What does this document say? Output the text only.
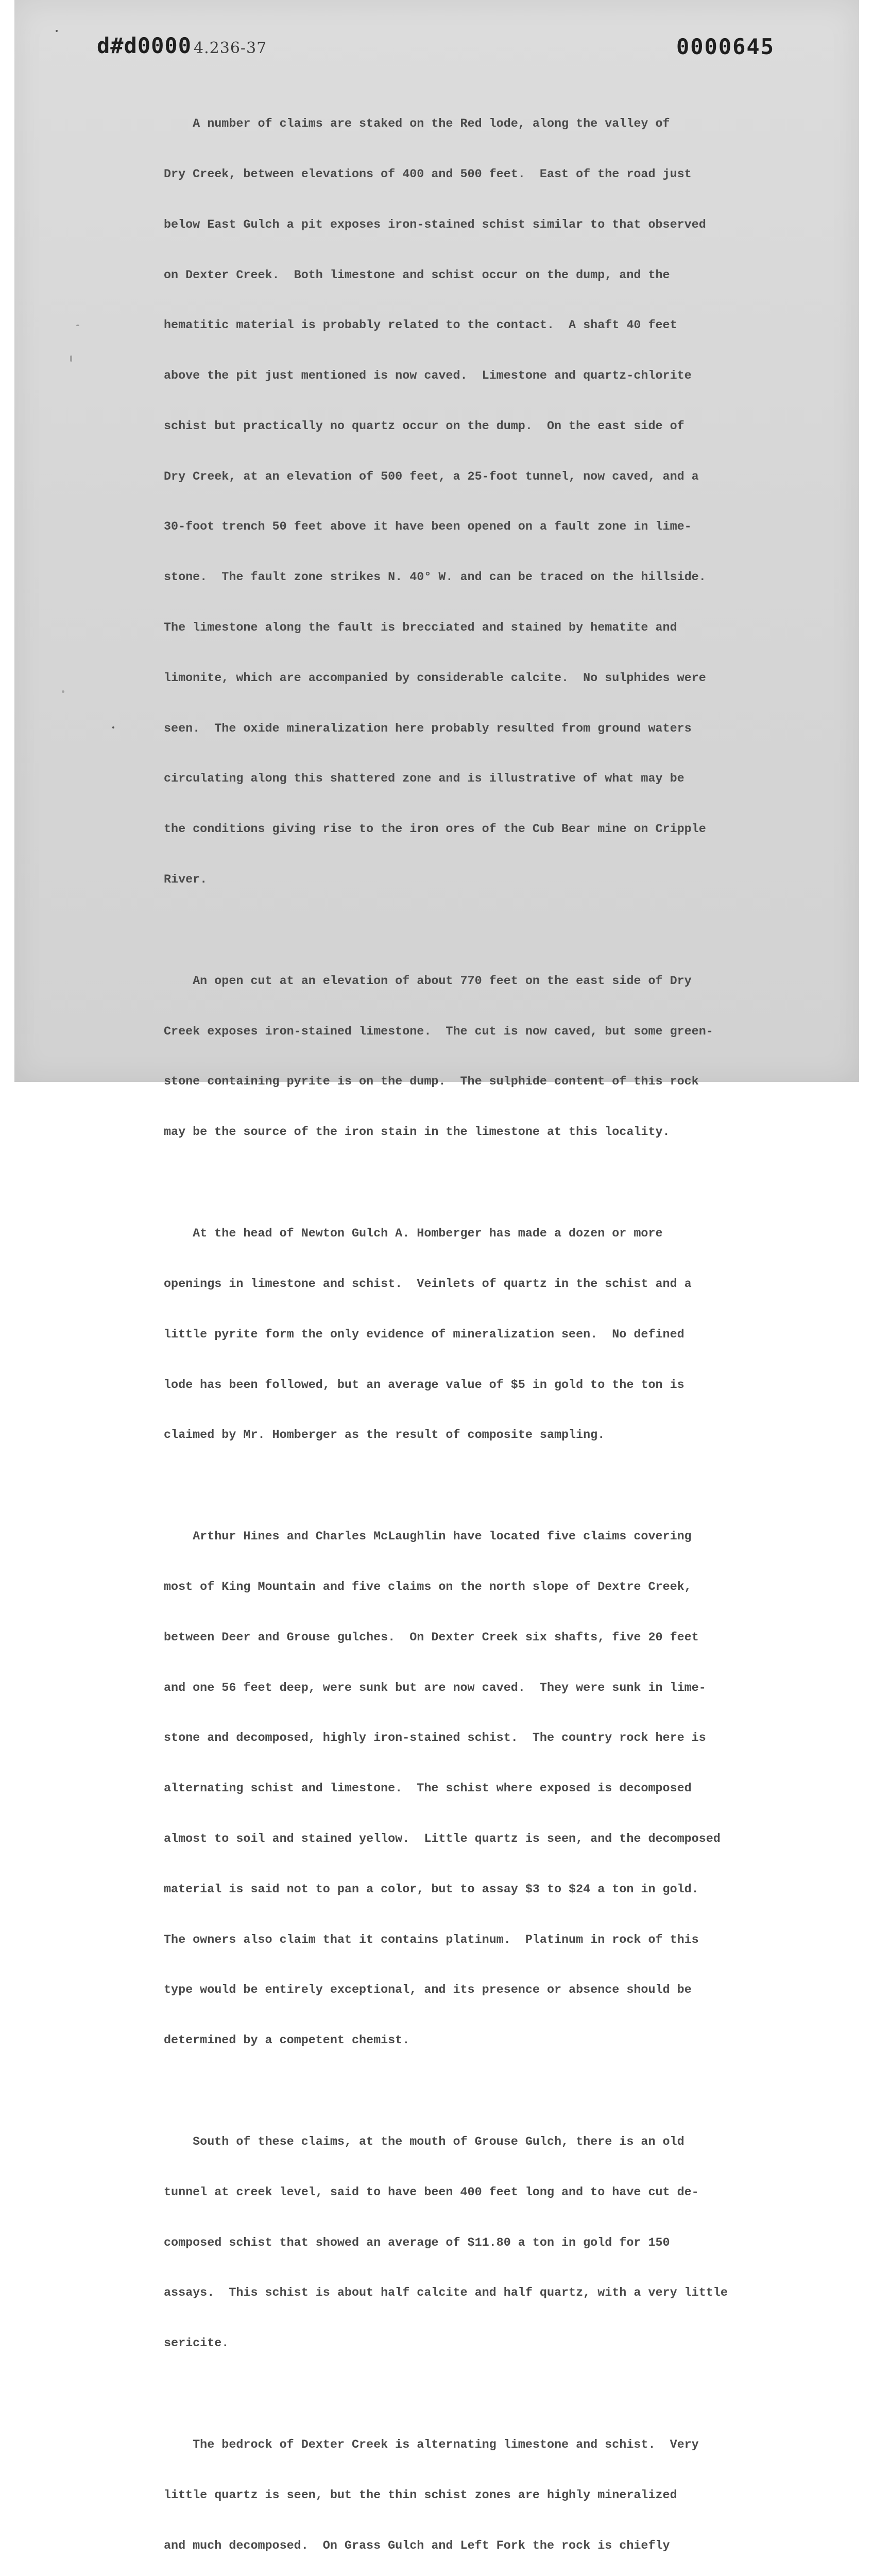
d#d0000 4.236-37	0000645

A number of claims are staked on the Red lode, along the valley of

Dry Creek, between elevations of 400 and 500 feet.  East of the road just

below East Gulch a pit exposes iron-stained schist similar to that observed

on Dexter Creek.  Both limestone and schist occur on the dump, and the

hematitic material is probably related to the contact.  A shaft 40 feet

above the pit just mentioned is now caved.  Limestone and quartz-chlorite

schist but practically no quartz occur on the dump.  On the east side of

Dry Creek, at an elevation of 500 feet, a 25-foot tunnel, now caved, and a

30-foot trench 50 feet above it have been opened on a fault zone in lime-

stone.  The fault zone strikes N. 40° W. and can be traced on the hillside.

The limestone along the fault is brecciated and stained by hematite and

limonite, which are accompanied by considerable calcite.  No sulphides were

seen.  The oxide mineralization here probably resulted from ground waters

circulating along this shattered zone and is illustrative of what may be

the conditions giving rise to the iron ores of the Cub Bear mine on Cripple

River.

An open cut at an elevation of about 770 feet on the east side of Dry

Creek exposes iron-stained limestone.  The cut is now caved, but some green-

stone containing pyrite is on the dump.  The sulphide content of this rock

may be the source of the iron stain in the limestone at this locality.

At the head of Newton Gulch A. Homberger has made a dozen or more

openings in limestone and schist.  Veinlets of quartz in the schist and a

little pyrite form the only evidence of mineralization seen.  No defined

lode has been followed, but an average value of $5 in gold to the ton is

claimed by Mr. Homberger as the result of composite sampling.

Arthur Hines and Charles McLaughlin have located five claims covering

most of King Mountain and five claims on the north slope of Dextre Creek,

between Deer and Grouse gulches.  On Dexter Creek six shafts, five 20 feet

and one 56 feet deep, were sunk but are now caved.  They were sunk in lime-

stone and decomposed, highly iron-stained schist.  The country rock here is

alternating schist and limestone.  The schist where exposed is decomposed

almost to soil and stained yellow.  Little quartz is seen, and the decomposed

material is said not to pan a color, but to assay $3 to $24 a ton in gold.

The owners also claim that it contains platinum.  Platinum in rock of this

type would be entirely exceptional, and its presence or absence should be

determined by a competent chemist.

South of these claims, at the mouth of Grouse Gulch, there is an old

tunnel at creek level, said to have been 400 feet long and to have cut de-

composed schist that showed an average of $11.80 a ton in gold for 150

assays.  This schist is about half calcite and half quartz, with a very little

sericite.

The bedrock of Dexter Creek is alternating limestone and schist.  Very

little quartz is seen, but the thin schist zones are highly mineralized

and much decomposed.  On Grass Gulch and Left Fork the rock is chiefly
